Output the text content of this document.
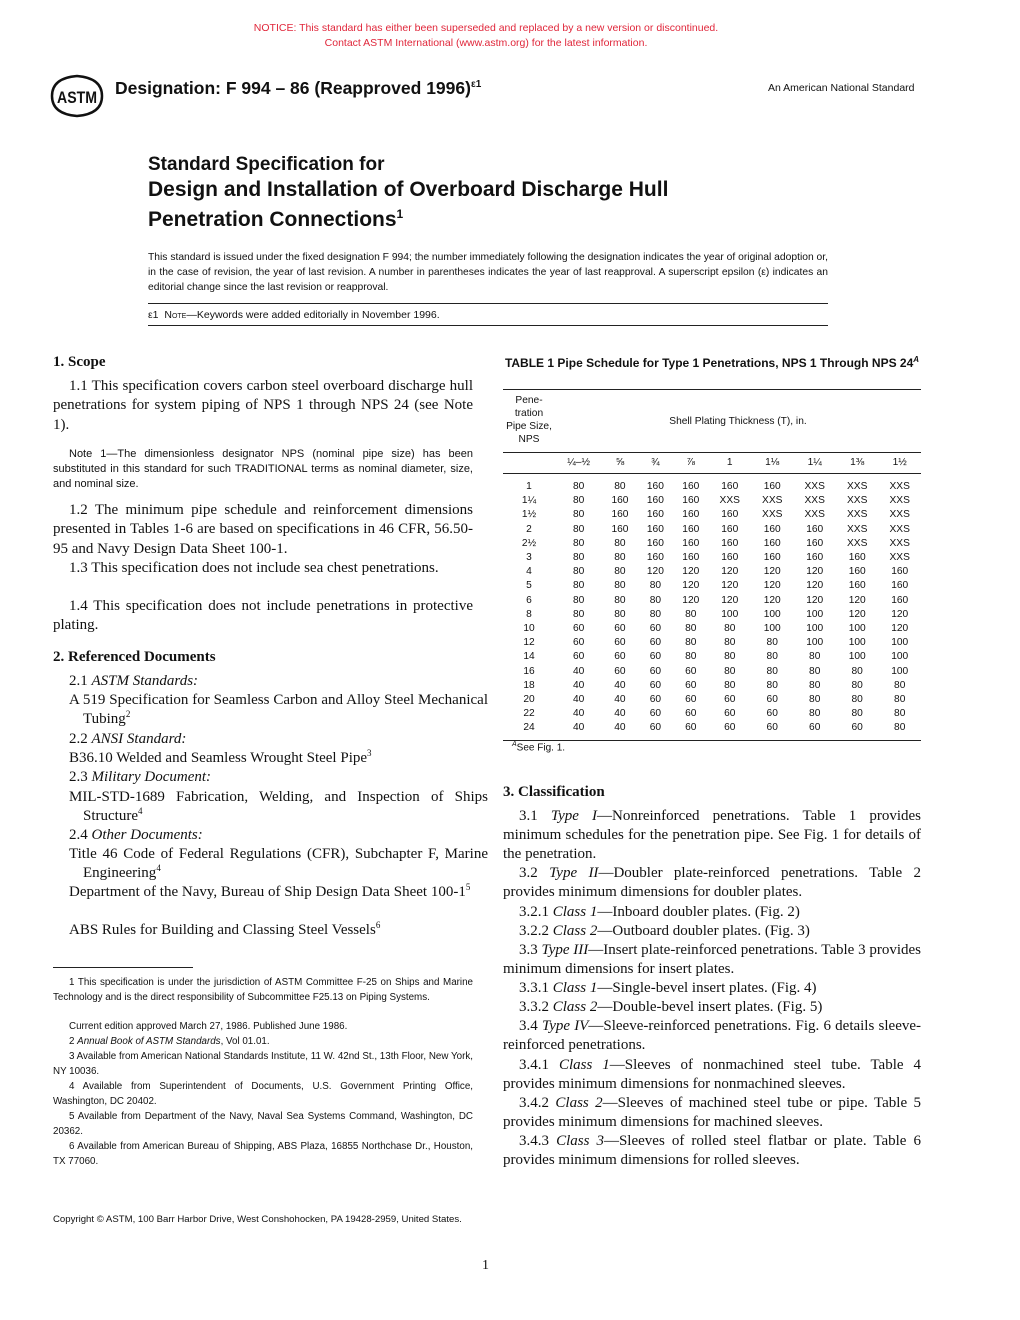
NOTICE: This standard has either been superseded and replaced by a new version or discontinued.
Contact ASTM International (www.astm.org) for the latest information.
ASTM Designation: F 994 – 86 (Reapproved 1996)$^{\varepsilon 1}$	An American National Standard
Standard Specification for
Design and Installation of Overboard Discharge Hull
Penetration Connections$^1$
This standard is issued under the fixed designation F 994; the number immediately following the designation indicates the year of original adoption or, in the case of revision, the year of last revision. A number in parentheses indicates the year of last reapproval. A superscript epsilon (ε) indicates an editorial change since the last revision or reapproval.
ε1 Note—Keywords were added editorially in November 1996.
1. Scope
1.1 This specification covers carbon steel overboard discharge hull penetrations for system piping of NPS 1 through NPS 24 (see Note 1).
Note 1—The dimensionless designator NPS (nominal pipe size) has been substituted in this standard for such TRADITIONAL terms as nominal diameter, size, and nominal size.
1.2 The minimum pipe schedule and reinforcement dimensions presented in Tables 1-6 are based on specifications in 46 CFR, 56.50-95 and Navy Design Data Sheet 100-1.
1.3 This specification does not include sea chest penetrations.
1.4 This specification does not include penetrations in protective plating.
2. Referenced Documents
2.1 ASTM Standards:
A 519 Specification for Seamless Carbon and Alloy Steel Mechanical Tubing$^2$
2.2 ANSI Standard:
B36.10 Welded and Seamless Wrought Steel Pipe$^3$
2.3 Military Document:
MIL-STD-1689 Fabrication, Welding, and Inspection of Ships Structure$^4$
2.4 Other Documents:
Title 46 Code of Federal Regulations (CFR), Subchapter F, Marine Engineering$^4$
Department of the Navy, Bureau of Ship Design Data Sheet 100-1$^5$
ABS Rules for Building and Classing Steel Vessels$^6$
1 This specification is under the jurisdiction of ASTM Committee F-25 on Ships and Marine Technology and is the direct responsibility of Subcommittee F25.13 on Piping Systems.
Current edition approved March 27, 1986. Published June 1986.
2 Annual Book of ASTM Standards, Vol 01.01.
3 Available from American National Standards Institute, 11 W. 42nd St., 13th Floor, New York, NY 10036.
4 Available from Superintendent of Documents, U.S. Government Printing Office, Washington, DC 20402.
5 Available from Department of the Navy, Naval Sea Systems Command, Washington, DC 20362.
6 Available from American Bureau of Shipping, ABS Plaza, 16855 Northchase Dr., Houston, TX 77060.
TABLE 1 Pipe Schedule for Type 1 Penetrations, NPS 1 Through NPS $24^A$
Pene-
tration
Pipe Size,
NPS	Shell Plating Thickness (T), in.								
	¼–½	⅝	¾	⅞	1	1⅛	1¼	1⅜	1½
1	80	80	160	160	160	160	XXS	XXS	XXS
1¼	80	160	160	160	XXS	XXS	XXS	XXS	XXS
1½	80	160	160	160	160	XXS	XXS	XXS	XXS
2	80	160	160	160	160	160	160	XXS	XXS
2½	80	80	160	160	160	160	160	XXS	XXS
3	80	80	160	160	160	160	160	160	XXS
4	80	80	120	120	120	120	120	160	160
5	80	80	80	120	120	120	120	160	160
6	80	80	80	120	120	120	120	120	160
8	80	80	80	80	100	100	100	120	120
10	60	60	60	80	80	100	100	100	120
12	60	60	60	80	80	80	100	100	100
14	60	60	60	80	80	80	80	100	100
16	40	60	60	60	80	80	80	80	100
18	40	40	60	60	80	80	80	80	80
20	40	40	60	60	60	60	80	80	80
22	40	40	60	60	60	60	80	80	80
24	40	40	60	60	60	60	60	60	80
$^A$See Fig. 1.
3. Classification
3.1 Type I—Nonreinforced penetrations. Table 1 provides minimum schedules for the penetration pipe. See Fig. 1 for details of the penetration.
3.2 Type II—Doubler plate-reinforced penetrations. Table 2 provides minimum dimensions for doubler plates.
3.2.1 Class 1—Inboard doubler plates. (Fig. 2)
3.2.2 Class 2—Outboard doubler plates. (Fig. 3)
3.3 Type III—Insert plate-reinforced penetrations. Table 3 provides minimum dimensions for insert plates.
3.3.1 Class 1—Single-bevel insert plates. (Fig. 4)
3.3.2 Class 2—Double-bevel insert plates. (Fig. 5)
3.4 Type IV—Sleeve-reinforced penetrations. Fig. 6 details sleeve-reinforced penetrations.
3.4.1 Class 1—Sleeves of nonmachined steel tube. Table 4 provides minimum dimensions for nonmachined sleeves.
3.4.2 Class 2—Sleeves of machined steel tube or pipe. Table 5 provides minimum dimensions for machined sleeves.
3.4.3 Class 3—Sleeves of rolled steel flatbar or plate. Table 6 provides minimum dimensions for rolled sleeves.
Copyright © ASTM, 100 Barr Harbor Drive, West Conshohocken, PA 19428-2959, United States.
1
